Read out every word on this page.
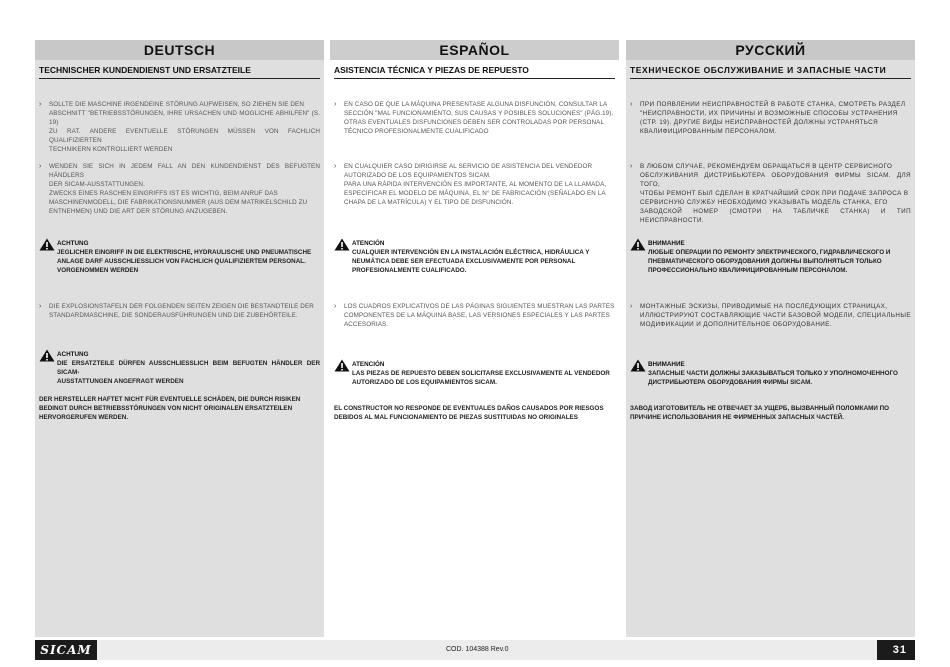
DEUTSCH
TECHNISCHER KUNDENDIENST UND ERSATZTEILE
› SOLLTE DIE MASCHINE IRGENDEINE STÖRUNG AUFWEISEN, SO ZIEHEN SIE DEN
ABSCHNITT "BETRIEBSSTÖRUNGEN, IHRE URSACHEN UND MOGLICHE ABHILFEN" (S. 19)
ZU RAT. ANDERE EVENTUELLE STÖRUNGEN MÜSSEN VON FACHLICH QUALIFIZIERTEN
TECHNIKERN KONTROLLIERT WERDEN
› WENDEN SIE SICH IN JEDEM FALL AN DEN KUNDENDIENST DES BEFUGTEN HÄNDLERS
DER SICAM-AUSSTATTUNGEN.
ZWECKS EINES RASCHEN EINGRIFFS IST ES WICHTIG, BEIM ANRUF DAS
MASCHINENMODELL, DIE FABRIKATIONSNUMMER (AUS DEM MATRIKELSCHILD ZU
ENTNEHMEN) UND DIE ART DER STÖRUNG ANZUGEBEN.
ACHTUNG
JEGLICHER EINGRIFF IN DIE ELEKTRISCHE, HYDRAULISCHE UND PNEUMATISCHE
ANLAGE DARF AUSSCHLIESSLICH VON FACHLICH QUALIFIZIERTEM PERSONAL.
VORGENOMMEN WERDEN
› DIE EXPLOSIONSTAFELN DER FOLGENDEN SEITEN ZEIGEN DIE BESTANDTEILE DER
STANDARDMASCHINE, DIE SONDERAUSFÜHRUNGEN UND DIE ZUBEHÖRTEILE.
ACHTUNG
DIE ERSATZTEILE DÜRFEN AUSSCHLIESSLICH BEIM BEFUGTEN HÄNDLER DER SICAM-
AUSSTATTUNGEN ANGEFRAGT WERDEN
DER HERSTELLER HAFTET NICHT FÜR EVENTUELLE SCHÄDEN, DIE DURCH RISIKEN
BEDINGT DURCH BETRIEBSSTÖRUNGEN VON NICHT ORIGINALEN ERSATZTEILEN
HERVORGERUFEN WERDEN.
ESPAÑOL
ASISTENCIA TÉCNICA Y PIEZAS DE REPUESTO
› EN CASO DE QUE LA MÁQUINA PRESENTASE ALGUNA DISFUNCIÓN, CONSULTAR LA
SECCIÓN "MAL FUNCIONAMIENTO, SUS CAUSAS Y POSIBLES SOLUCIONES" (PÁG.19).
OTRAS EVENTUALES DISFUNCIONES DEBEN SER CONTROLADAS POR PERSONAL
TÉCNICO PROFESIONALMENTE CUALIFICADO
› EN CUALQUIER CASO DIRIGIRSE AL SERVICIO DE ASISTENCIA DEL VENDEDOR
AUTORIZADO DE LOS EQUIPAMIENTOS SICAM.
PARA UNA RÁPIDA INTERVENCIÓN ES IMPORTANTE, AL MOMENTO DE LA LLAMADA,
ESPECIFICAR EL MODELO DE MÁQUINA, EL N° DE FABRICACIÓN (SEÑALADO EN LA
CHAPA DE LA MATRÍCULA) Y EL TIPO DE DISFUNCIÓN.
ATENCIÓN
CUALQUIER INTERVENCIÓN EN LA INSTALACIÓN ELÉCTRICA, HIDRÁULICA Y
NEUMÁTICA DEBE SER EFECTUADA EXCLUSIVAMENTE POR PERSONAL
PROFESIONALMENTE CUALIFICADO.
› LOS CUADROS EXPLICATIVOS DE LAS PÁGINAS SIGUIENTES MUESTRAN LAS PARTES
COMPONENTES DE LA MÁQUINA BASE, LAS VERSIONES ESPECIALES Y LAS PARTES
ACCESORIAS.
ATENCIÓN
LAS PIEZAS DE REPUESTO DEBEN SOLICITARSE EXCLUSIVAMENTE AL VENDEDOR
AUTORIZADO DE LOS EQUIPAMIENTOS SICAM.
EL CONSTRUCTOR NO RESPONDE DE EVENTUALES DAÑOS CAUSADOS POR RIESGOS
DEBIDOS AL MAL FUNCIONAMIENTO DE PIEZAS SUSTITUIDAS NO ORIGINALES
РУССКИЙ
ТЕХНИЧЕСКОЕ ОБСЛУЖИВАНИЕ И ЗАПАСНЫЕ ЧАСТИ
› ПРИ ПОЯВЛЕНИИ НЕИСПРАВНОСТЕЙ В РАБОТЕ СТАНКА, СМОТРЕТЬ РАЗДЕЛ
"НЕИСПРАВНОСТИ, ИХ ПРИЧИНЫ И ВОЗМОЖНЫЕ СПОСОБЫ УСТРАНЕНИЯ
(СТР. 19). ДРУГИЕ ВИДЫ НЕИСПРАВНОСТЕЙ ДОЛЖНЫ УСТРАНЯТЬСЯ
КВАЛИФИЦИРОВАННЫМ ПЕРСОНАЛОМ.
› В ЛЮБОМ СЛУЧАЕ, РЕКОМЕНДУЕМ ОБРАЩАТЬСЯ В ЦЕНТР СЕРВИСНОГО
ОБСЛУЖИВАНИЯ ДИСТРИБЬЮТЕРА ОБОРУДОВАНИЯ ФИРМЫ SICAM. ДЛЯ ТОГО,
ЧТОБЫ РЕМОНТ БЫЛ СДЕЛАН В КРАТЧАЙШИЙ СРОК ПРИ ПОДАЧЕ ЗАПРОСА В
СЕРВИСНУЮ СЛУЖБУ НЕОБХОДИМО УКАЗЫВАТЬ МОДЕЛЬ СТАНКА, ЕГО
ЗАВОДСКОЙ НОМЕР (СМОТРИ НА ТАБЛИЧКЕ СТАНКА) И ТИП НЕИСПРАВНОСТИ.
ВНИМАНИЕ
ЛЮБЫЕ ОПЕРАЦИИ ПО РЕМОНТУ ЭЛЕКТРИЧЕСКОГО, ГИДРАВЛИЧЕСКОГО И
ПНЕВМАТИЧЕСКОГО ОБОРУДОВАНИЯ ДОЛЖНЫ ВЫПОЛНЯТЬСЯ ТОЛЬКО
ПРОФЕССИОНАЛЬНО КВАЛИФИЦИРОВАННЫМ ПЕРСОНАЛОМ.
› МОНТАЖНЫЕ ЭСКИЗЫ, ПРИВОДИМЫЕ НА ПОСЛЕДУЮЩИХ СТРАНИЦАХ,
ИЛЛЮСТРИРУЮТ СОСТАВЛЯЮЩИЕ ЧАСТИ БАЗОВОЙ МОДЕЛИ, СПЕЦИАЛЬНЫЕ
МОДИФИКАЦИИ И ДОПОЛНИТЕЛЬНОЕ ОБОРУДОВАНИЕ.
ВНИМАНИЕ
ЗАПАСНЫЕ ЧАСТИ ДОЛЖНЫ ЗАКАЗЫВАТЬСЯ ТОЛЬКО У УПОЛНОМОЧЕННОГО
ДИСТРИБЬЮТЕРА ОБОРУДОВАНИЯ ФИРМЫ SICAM.
ЗАВОД ИЗГОТОВИТЕЛЬ НЕ ОТВЕЧАЕТ ЗА УЩЕРБ, ВЫЗВАННЫЙ ПОЛОМКАМИ ПО
ПРИЧИНЕ ИСПОЛЬЗОВАНИЯ НЕ ФИРМЕННЫХ ЗАПАСНЫХ ЧАСТЕЙ.
SICAM	COD. 104388 Rev.0	31
